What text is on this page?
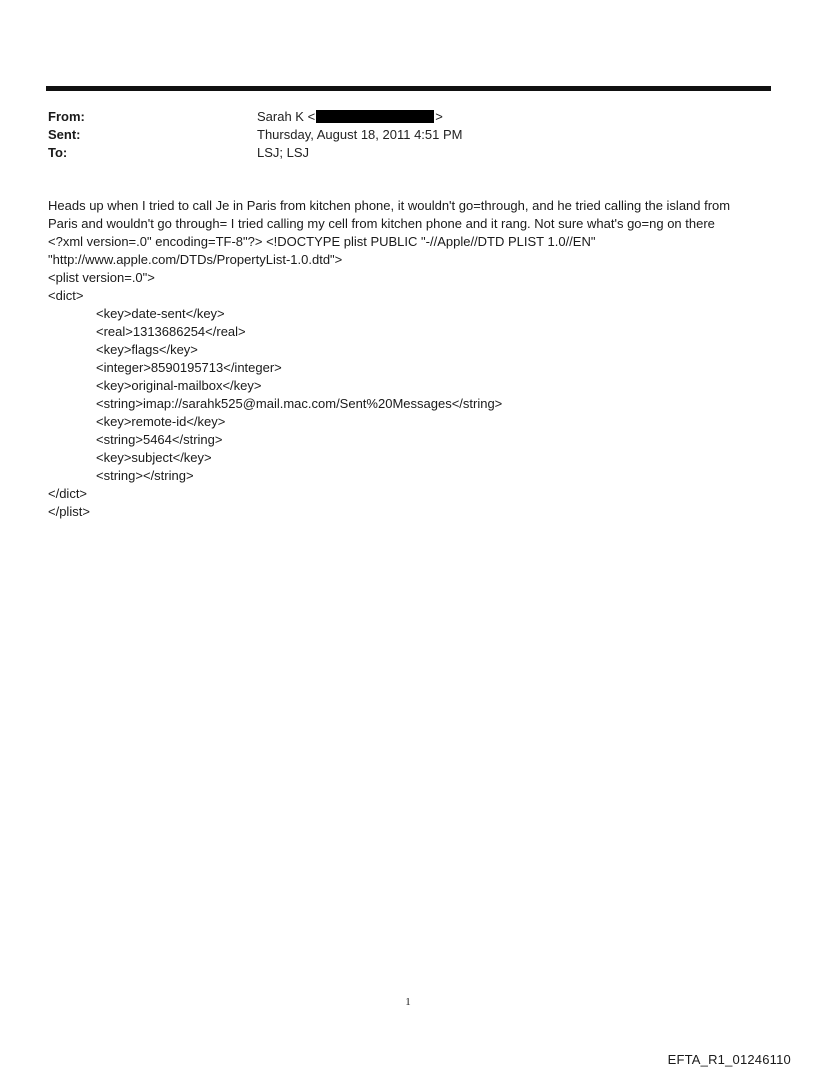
From:	Sarah K <	>
Sent:	Thursday, August 18, 2011 4:51 PM
To:	LSJ; LSJ
Heads up when I tried to call Je in Paris from kitchen phone, it wouldn't go=through, and he tried calling the island from
Paris and wouldn't go through= I tried calling my cell from kitchen phone and it rang. Not sure what's go=ng on there
<?xml version=.0" encoding=TF-8"?> <!DOCTYPE plist PUBLIC "-//Apple//DTD PLIST 1.0//EN"
"http://www.apple.com/DTDs/PropertyList-1.0.dtd">
<plist version=.0">
<dict>
<key>date-sent</key>
<real>1313686254</real>
<key>flags</key>
<integer>8590195713</integer>
<key>original-mailbox</key>
<string>imap://sarahk525@mail.mac.com/Sent%20Messages</string>
<key>remote-id</key>
<string>5464</string>
<key>subject</key>
<string></string>
</dict>
</plist>
1
EFTA_R1_01246110
